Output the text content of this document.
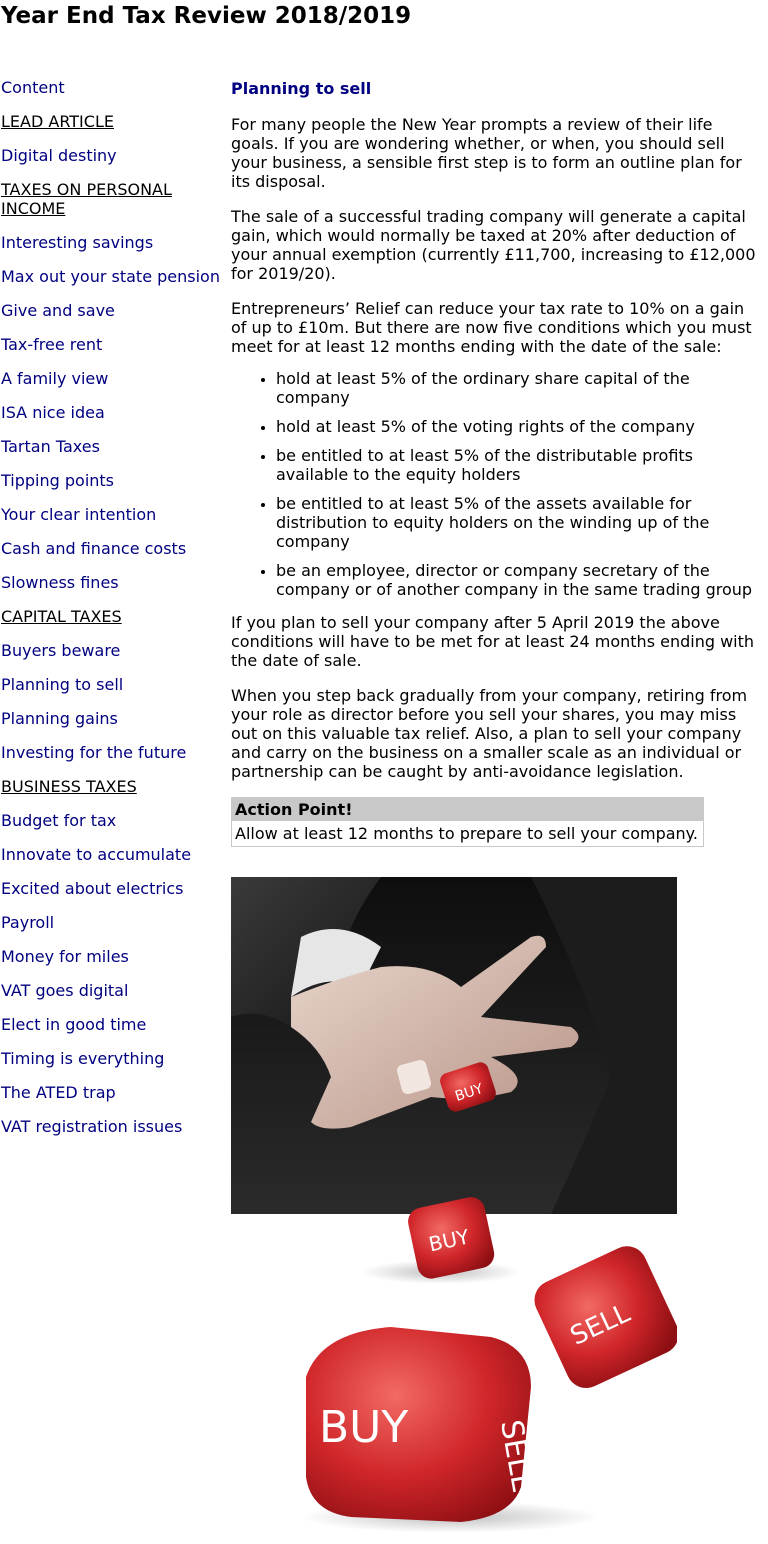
Year End Tax Review 2018/2019
Content
LEAD ARTICLE
Digital destiny
TAXES ON PERSONAL INCOME
Interesting savings
Max out your state pension
Give and save
Tax-free rent
A family view
ISA nice idea
Tartan Taxes
Tipping points
Your clear intention
Cash and finance costs
Slowness fines
CAPITAL TAXES
Buyers beware
Planning to sell
Planning gains
Investing for the future
BUSINESS TAXES
Budget for tax
Innovate to accumulate
Excited about electrics
Payroll
Money for miles
VAT goes digital
Elect in good time
Timing is everything
The ATED trap
VAT registration issues
Planning to sell

For many people the New Year prompts a review of their life goals. If you are wondering whether, or when, you should sell your business, a sensible first step is to form an outline plan for its disposal.

The sale of a successful trading company will generate a capital gain, which would normally be taxed at 20% after deduction of your annual exemption (currently £11,700, increasing to £12,000 for 2019/20).

Entrepreneurs’ Relief can reduce your tax rate to 10% on a gain of up to £10m. But there are now five conditions which you must meet for at least 12 months ending with the date of the sale:

• hold at least 5% of the ordinary share capital of the company
• hold at least 5% of the voting rights of the company
• be entitled to at least 5% of the distributable profits available to the equity holders
• be entitled to at least 5% of the assets available for distribution to equity holders on the winding up of the company
• be an employee, director or company secretary of the company or of another company in the same trading group

If you plan to sell your company after 5 April 2019 the above conditions will have to be met for at least 24 months ending with the date of sale.

When you step back gradually from your company, retiring from your role as director before you sell your shares, you may miss out on this valuable tax relief. Also, a plan to sell your company and carry on the business on a smaller scale as an individual or partnership can be caught by anti-avoidance legislation.

Action Point!
Allow at least 12 months to prepare to sell your company.
BUY
BUY
SELL
BUY	SELL
